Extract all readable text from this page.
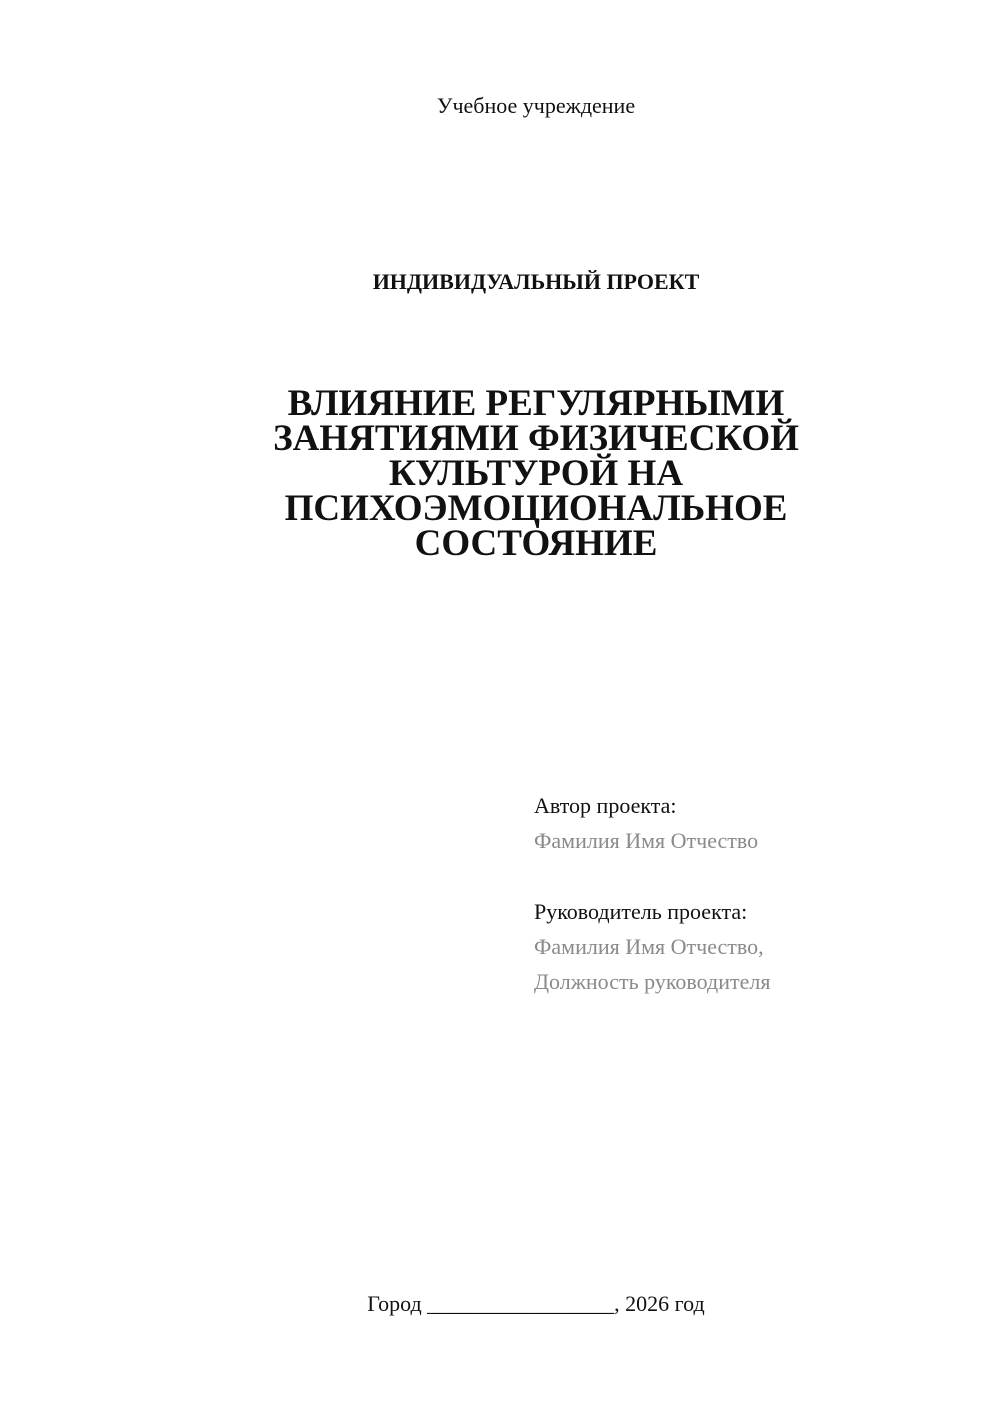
Учебное учреждение
ИНДИВИДУАЛЬНЫЙ ПРОЕКТ
ВЛИЯНИЕ РЕГУЛЯРНЫМИ
ЗАНЯТИЯМИ ФИЗИЧЕСКОЙ
КУЛЬТУРОЙ НА
ПСИХОЭМОЦИОНАЛЬНОЕ
СОСТОЯНИЕ
Автор проекта:
Фамилия Имя Отчество
Руководитель проекта:
Фамилия Имя Отчество,
Должность руководителя
Город _________________, 2026 год
